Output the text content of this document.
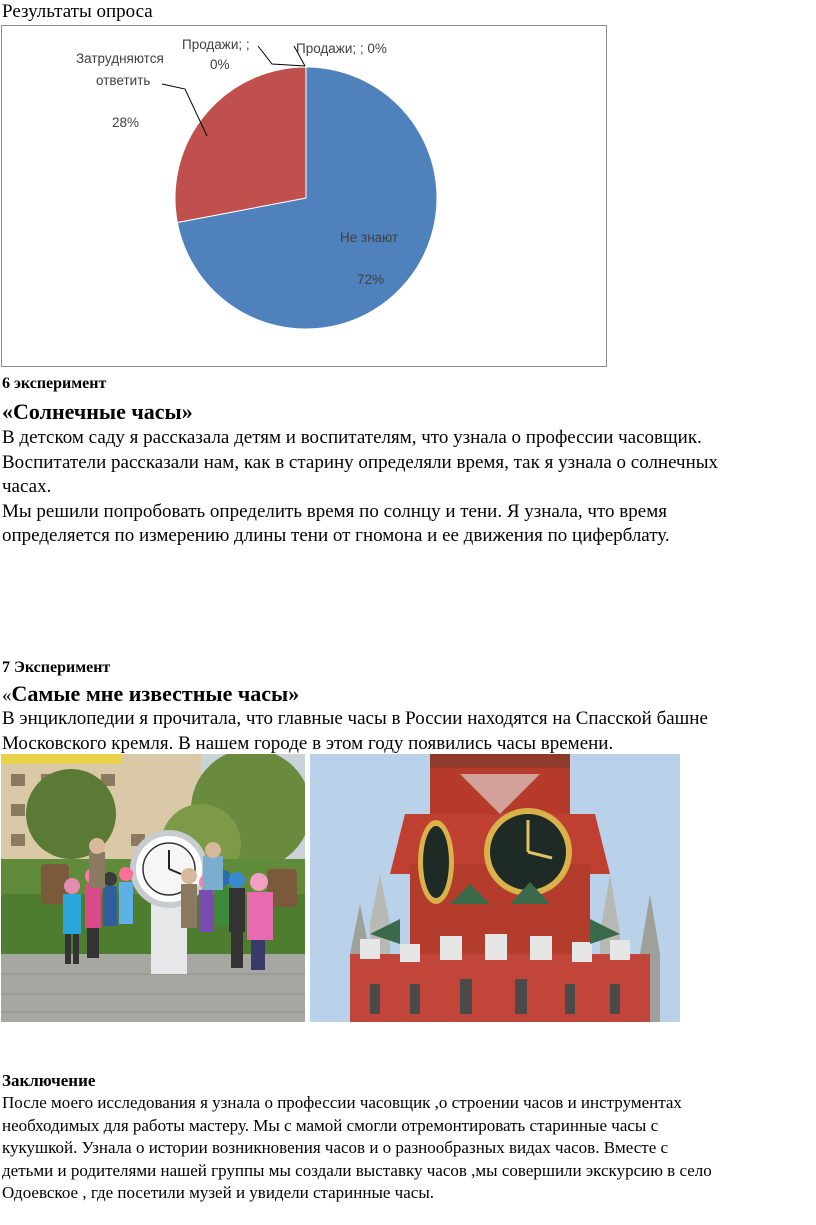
Результаты опроса
Не знают
72%
Затрудняются
ответить
28%
Продажи; ;
0%
Продажи; ; 0%
6 эксперимент
«Солнечные часы»

В детском саду я рассказала детям и воспитателям, что узнала о профессии часовщик.

Воспитатели рассказали нам, как в старину определяли время, так я узнала о солнечных

часах.

Мы решили попробовать определить время по солнцу и тени. Я узнала, что время

определяется по измерению длины тени от гномона и ее движения по циферблату.

7 Эксперимент
«Самые мне известные часы»

В энциклопедии я прочитала, что главные часы в России находятся на Спасской башне

Московского кремля. В нашем городе в этом году появились часы времени.

Заключение
После моего исследования я узнала о профессии часовщик ,о строении часов и инструментах
необходимых для работы мастеру. Мы с мамой смогли отремонтировать старинные часы с
кукушкой. Узнала о истории возникновения часов и о разнообразных видах часов. Вместе с
детьми и родителями нашей группы мы создали выставку часов ,мы совершили экскурсию в село
Одоевское , где посетили музей и увидели старинные часы.
